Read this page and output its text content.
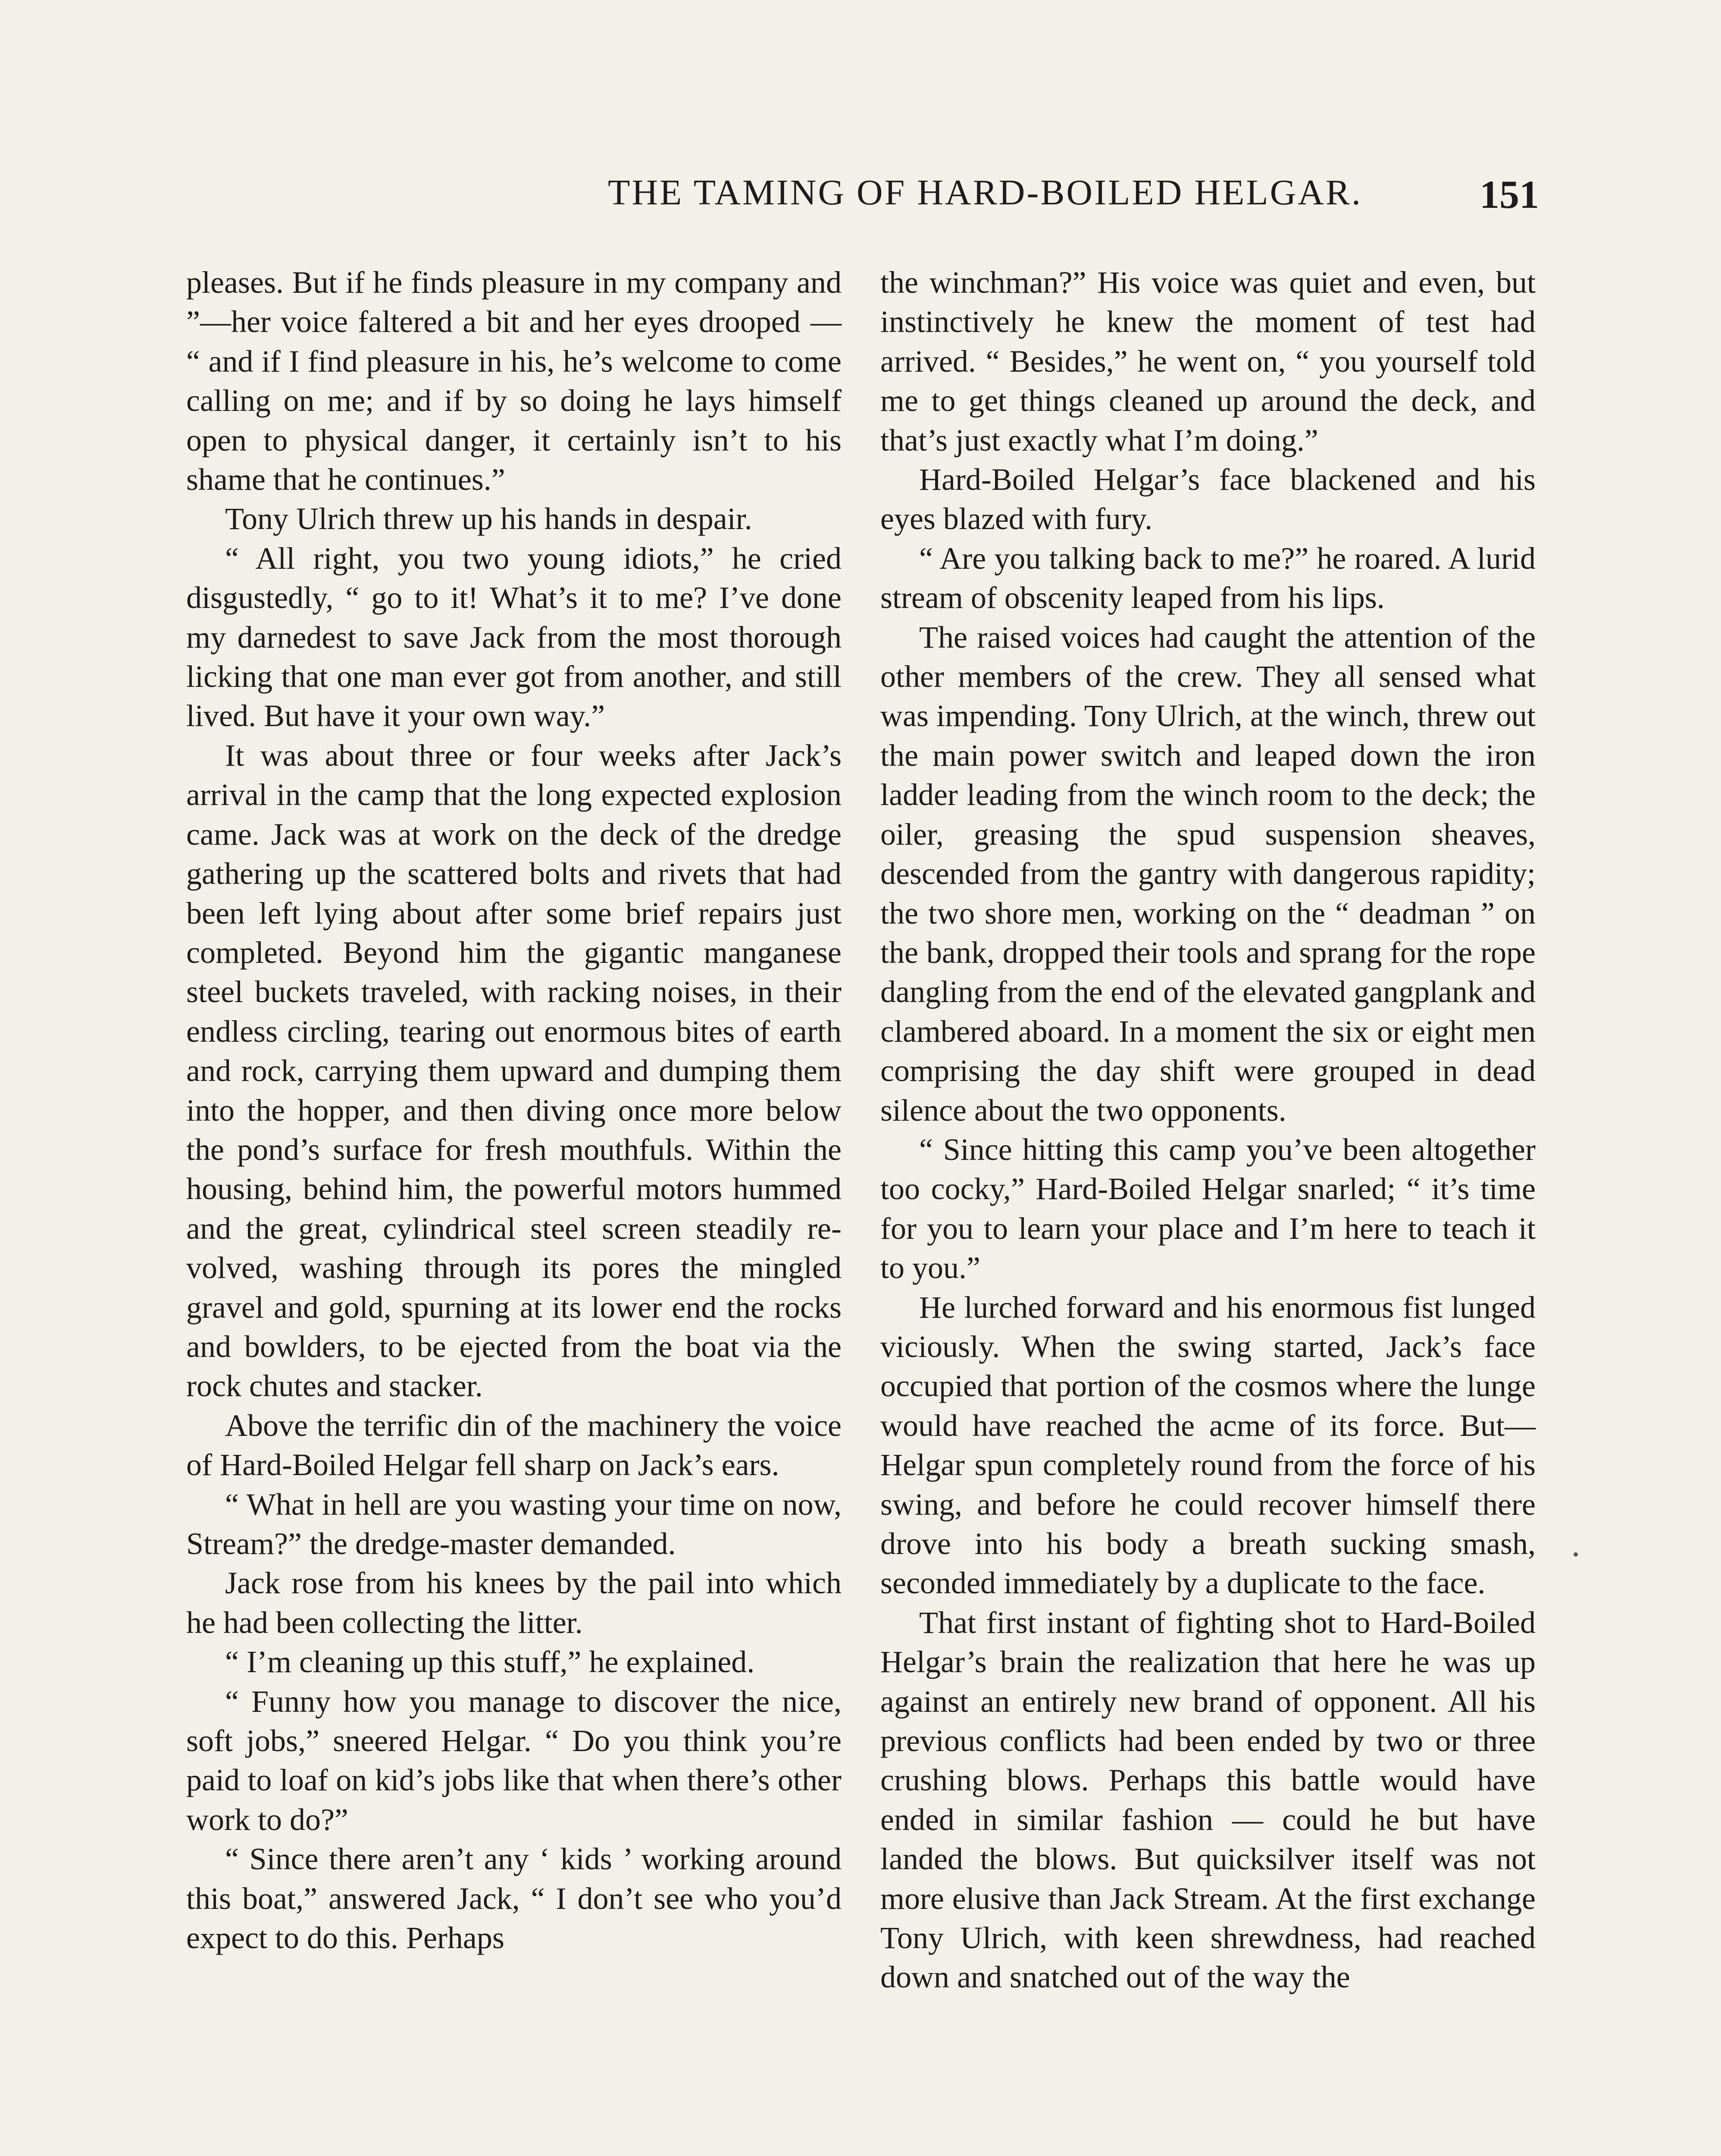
THE TAMING OF HARD-BOILED HELGAR.	151

pleases. But if he finds pleasure in my company and ”—her voice faltered a bit and her eyes drooped — “ and if I find pleasure in his, he’s welcome to come calling on me; and if by so doing he lays himself open to physical danger, it certainly isn’t to his shame that he continues.”

Tony Ulrich threw up his hands in despair.

“ All right, you two young idiots,” he cried disgustedly, “ go to it! What’s it to me? I’ve done my darnedest to save Jack from the most thorough licking that one man ever got from another, and still lived. But have it your own way.”

It was about three or four weeks after Jack’s arrival in the camp that the long expected explosion came. Jack was at work on the deck of the dredge gathering up the scattered bolts and rivets that had been left lying about after some brief repairs just completed. Beyond him the gigantic manganese steel buckets traveled, with racking noises, in their endless circling, tearing out enormous bites of earth and rock, carrying them upward and dumping them into the hopper, and then diving once more below the pond’s surface for fresh mouthfuls. Within the housing, behind him, the powerful motors hummed and the great, cylindrical steel screen steadily revolved, washing through its pores the mingled gravel and gold, spurning at its lower end the rocks and bowlders, to be ejected from the boat via the rock chutes and stacker.

Above the terrific din of the machinery the voice of Hard-Boiled Helgar fell sharp on Jack’s ears.

“ What in hell are you wasting your time on now, Stream?” the dredge-master demanded.

Jack rose from his knees by the pail into which he had been collecting the litter.

“ I’m cleaning up this stuff,” he explained.

“ Funny how you manage to discover the nice, soft jobs,” sneered Helgar. “ Do you think you’re paid to loaf on kid’s jobs like that when there’s other work to do?”

“ Since there aren’t any ‘ kids ’ working around this boat,” answered Jack, “ I don’t see who you’d expect to do this. Perhaps

the winchman?” His voice was quiet and even, but instinctively he knew the moment of test had arrived. “ Besides,” he went on, “ you yourself told me to get things cleaned up around the deck, and that’s just exactly what I’m doing.”

Hard-Boiled Helgar’s face blackened and his eyes blazed with fury.

“ Are you talking back to me?” he roared. A lurid stream of obscenity leaped from his lips.

The raised voices had caught the attention of the other members of the crew. They all sensed what was impending. Tony Ulrich, at the winch, threw out the main power switch and leaped down the iron ladder leading from the winch room to the deck; the oiler, greasing the spud suspension sheaves, descended from the gantry with dangerous rapidity; the two shore men, working on the “ deadman ” on the bank, dropped their tools and sprang for the rope dangling from the end of the elevated gangplank and clambered aboard. In a moment the six or eight men comprising the day shift were grouped in dead silence about the two opponents.

“ Since hitting this camp you’ve been altogether too cocky,” Hard-Boiled Helgar snarled; “ it’s time for you to learn your place and I’m here to teach it to you.”

He lurched forward and his enormous fist lunged viciously. When the swing started, Jack’s face occupied that portion of the cosmos where the lunge would have reached the acme of its force. But—Helgar spun completely round from the force of his swing, and before he could recover himself there drove into his body a breath sucking smash, seconded immediately by a duplicate to the face.

That first instant of fighting shot to Hard-Boiled Helgar’s brain the realization that here he was up against an entirely new brand of opponent. All his previous conflicts had been ended by two or three crushing blows. Perhaps this battle would have ended in similar fashion — could he but have landed the blows. But quicksilver itself was not more elusive than Jack Stream. At the first exchange Tony Ulrich, with keen shrewdness, had reached down and snatched out of the way the
